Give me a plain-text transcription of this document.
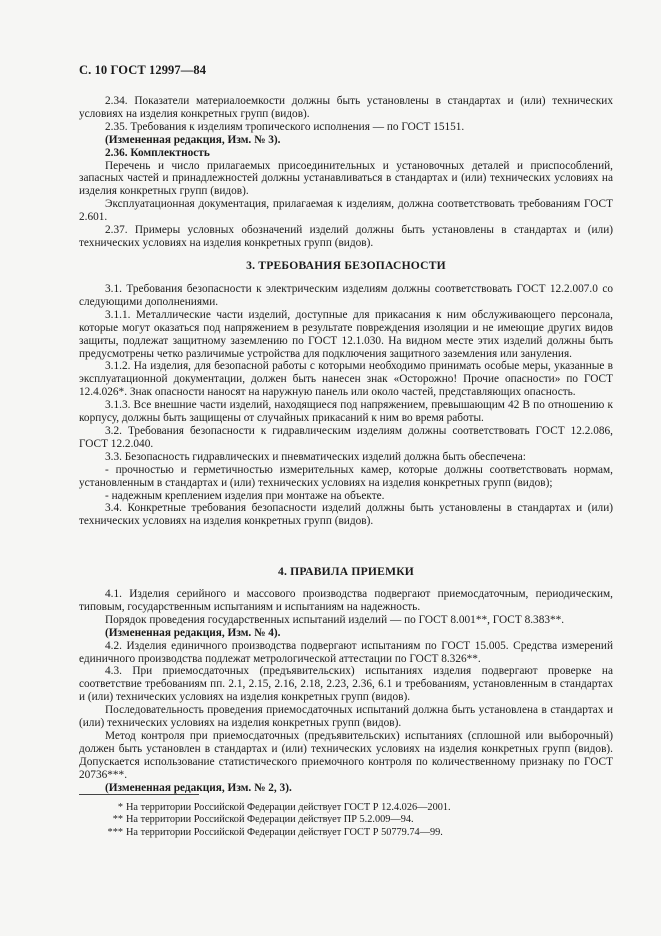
С. 10 ГОСТ 12997—84

2.34. Показатели материалоемкости должны быть установлены в стандартах и (или) технических условиях на изделия конкретных групп (видов).

2.35. Требования к изделиям тропического исполнения — по ГОСТ 15151.

(Измененная редакция, Изм. № 3).

2.36. Комплектность

Перечень и число прилагаемых присоединительных и установочных деталей и приспособлений, запасных частей и принадлежностей должны устанавливаться в стандартах и (или) технических условиях на изделия конкретных групп (видов).

Эксплуатационная документация, прилагаемая к изделиям, должна соответствовать требованиям ГОСТ 2.601.

2.37. Примеры условных обозначений изделий должны быть установлены в стандартах и (или) технических условиях на изделия конкретных групп (видов).

3. ТРЕБОВАНИЯ БЕЗОПАСНОСТИ

3.1. Требования безопасности к электрическим изделиям должны соответствовать ГОСТ 12.2.007.0 со следующими дополнениями.

3.1.1. Металлические части изделий, доступные для прикасания к ним обслуживающего персонала, которые могут оказаться под напряжением в результате повреждения изоляции и не имеющие других видов защиты, подлежат защитному заземлению по ГОСТ 12.1.030. На видном месте этих изделий должны быть предусмотрены четко различимые устройства для подключения защитного заземления или зануления.

3.1.2. На изделия, для безопасной работы с которыми необходимо принимать особые меры, указанные в эксплуатационной документации, должен быть нанесен знак «Осторожно! Прочие опасности» по ГОСТ 12.4.026*. Знак опасности наносят на наружную панель или около частей, представляющих опасность.

3.1.3. Все внешние части изделий, находящиеся под напряжением, превышающим 42 В по отношению к корпусу, должны быть защищены от случайных прикасаний к ним во время работы.

3.2. Требования безопасности к гидравлическим изделиям должны соответствовать ГОСТ 12.2.086, ГОСТ 12.2.040.

3.3. Безопасность гидравлических и пневматических изделий должна быть обеспечена:

- прочностью и герметичностью измерительных камер, которые должны соответствовать нормам, установленным в стандартах и (или) технических условиях на изделия конкретных групп (видов);

- надежным креплением изделия при монтаже на объекте.

3.4. Конкретные требования безопасности изделий должны быть установлены в стандартах и (или) технических условиях на изделия конкретных групп (видов).

4. ПРАВИЛА ПРИЕМКИ

4.1. Изделия серийного и массового производства подвергают приемосдаточным, периодическим, типовым, государственным испытаниям и испытаниям на надежность.

Порядок проведения государственных испытаний изделий — по ГОСТ 8.001**, ГОСТ 8.383**.

(Измененная редакция, Изм. № 4).

4.2. Изделия единичного производства подвергают испытаниям по ГОСТ 15.005. Средства измерений единичного производства подлежат метрологической аттестации по ГОСТ 8.326**.

4.3. При приемосдаточных (предъявительских) испытаниях изделия подвергают проверке на соответствие требованиям пп. 2.1, 2.15, 2.16, 2.18, 2.23, 2.36, 6.1 и требованиям, установленным в стандартах и (или) технических условиях на изделия конкретных групп (видов).

Последовательность проведения приемосдаточных испытаний должна быть установлена в стандартах и (или) технических условиях на изделия конкретных групп (видов).

Метод контроля при приемосдаточных (предъявительских) испытаниях (сплошной или выборочный) должен быть установлен в стандартах и (или) технических условиях на изделия конкретных групп (видов). Допускается использование статистического приемочного контроля по количественному признаку по ГОСТ 20736***.

(Измененная редакция, Изм. № 2, 3).

* На территории Российской Федерации действует ГОСТ Р 12.4.026—2001.

** На территории Российской Федерации действует ПР 5.2.009—94.

*** На территории Российской Федерации действует ГОСТ Р 50779.74—99.
